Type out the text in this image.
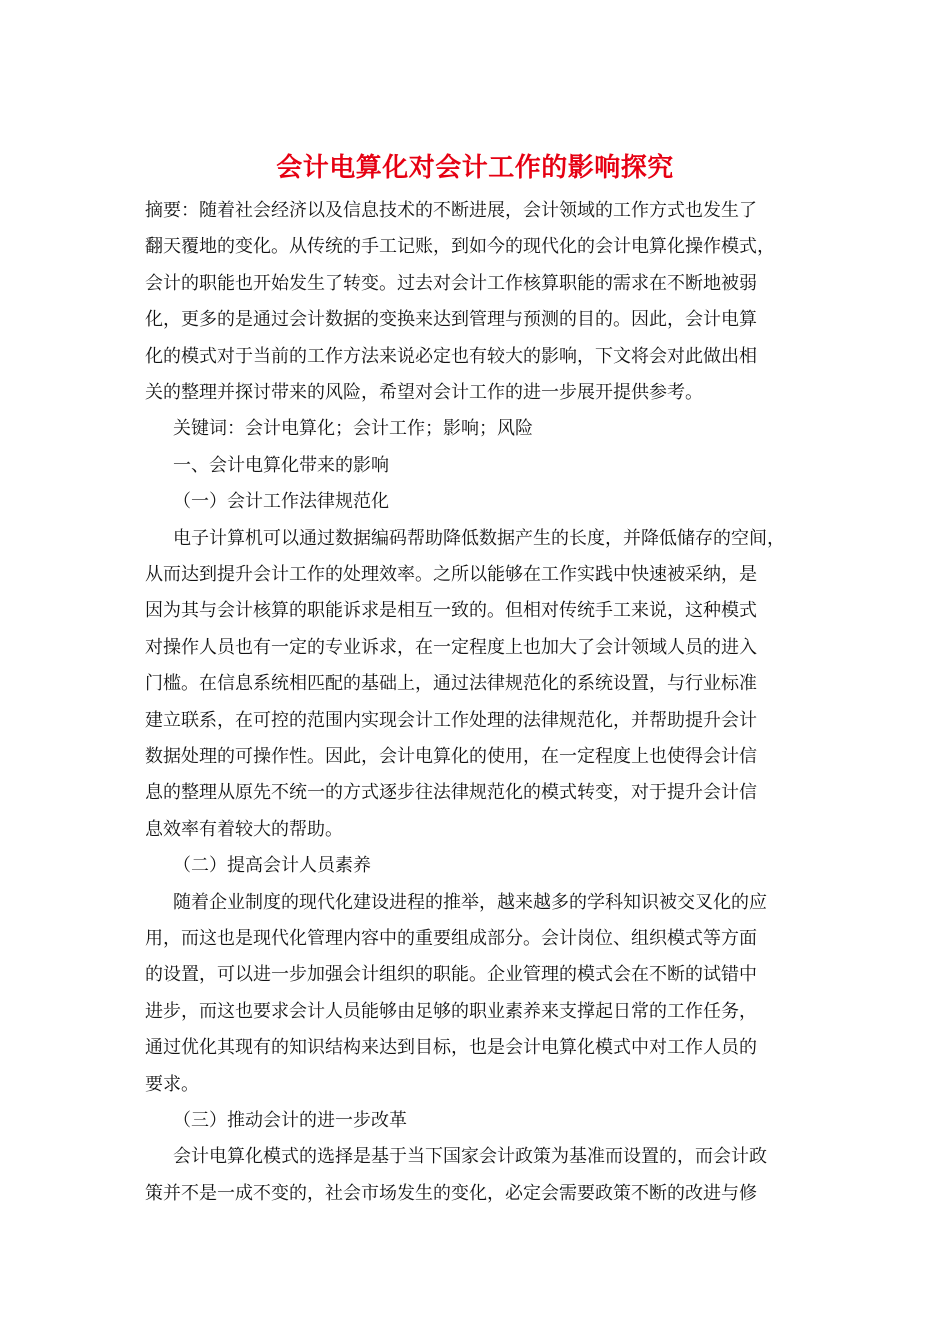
会计电算化对会计工作的影响探究
摘要：随着社会经济以及信息技术的不断进展，会计领域的工作方式也发生了
翻天覆地的变化。从传统的手工记账，到如今的现代化的会计电算化操作模式，
会计的职能也开始发生了转变。过去对会计工作核算职能的需求在不断地被弱
化，更多的是通过会计数据的变换来达到管理与预测的目的。因此，会计电算
化的模式对于当前的工作方法来说必定也有较大的影响，下文将会对此做出相
关的整理并探讨带来的风险，希望对会计工作的进一步展开提供参考。
关键词：会计电算化；会计工作；影响；风险
一、会计电算化带来的影响
（一）会计工作法律规范化
电子计算机可以通过数据编码帮助降低数据产生的长度，并降低储存的空间，
从而达到提升会计工作的处理效率。之所以能够在工作实践中快速被采纳，是
因为其与会计核算的职能诉求是相互一致的。但相对传统手工来说，这种模式
对操作人员也有一定的专业诉求，在一定程度上也加大了会计领域人员的进入
门槛。在信息系统相匹配的基础上，通过法律规范化的系统设置，与行业标准
建立联系，在可控的范围内实现会计工作处理的法律规范化，并帮助提升会计
数据处理的可操作性。因此，会计电算化的使用，在一定程度上也使得会计信
息的整理从原先不统一的方式逐步往法律规范化的模式转变，对于提升会计信
息效率有着较大的帮助。
（二）提高会计人员素养
随着企业制度的现代化建设进程的推举，越来越多的学科知识被交叉化的应
用，而这也是现代化管理内容中的重要组成部分。会计岗位、组织模式等方面
的设置，可以进一步加强会计组织的职能。企业管理的模式会在不断的试错中
进步，而这也要求会计人员能够由足够的职业素养来支撑起日常的工作任务，
通过优化其现有的知识结构来达到目标，也是会计电算化模式中对工作人员的
要求。
（三）推动会计的进一步改革
会计电算化模式的选择是基于当下国家会计政策为基准而设置的，而会计政
策并不是一成不变的，社会市场发生的变化，必定会需要政策不断的改进与修
